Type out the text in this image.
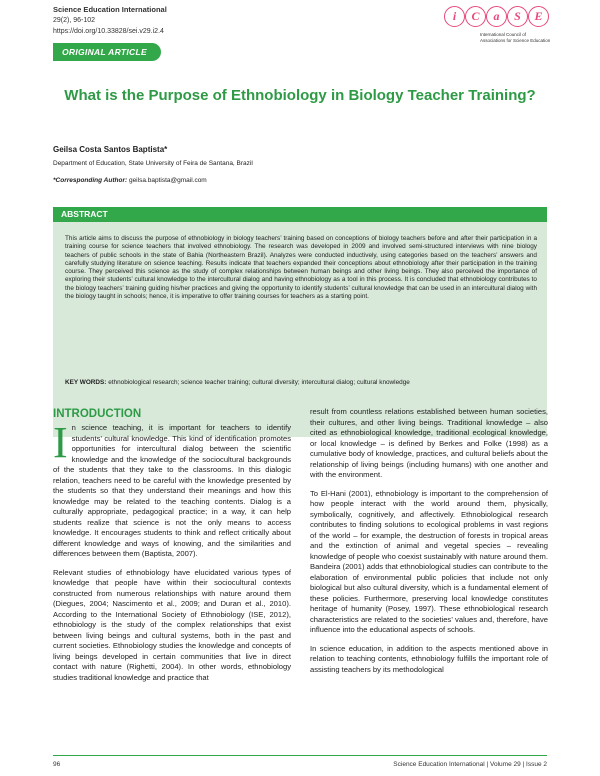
Science Education International
29(2), 96-102
https://doi.org/10.33828/sei.v29.i2.4
i	C	a	S	E
International Council of
Associations for Science Education
ORIGINAL ARTICLE
What is the Purpose of Ethnobiology in Biology Teacher Training?
Geilsa Costa Santos Baptista*
Department of Education, State University of Feira de Santana, Brazil
*Corresponding Author: geilsa.baptista@gmail.com
ABSTRACT

This article aims to discuss the purpose of ethnobiology in biology teachers’ training based on conceptions of biology teachers before and after their participation in a training course for science teachers that involved ethnobiology. The research was developed in 2009 and involved semi-structured interviews with nine biology teachers of public schools in the state of Bahia (Northeastern Brazil). Analyzes were conducted inductively, using categories based on the teachers’ answers and carefully studying literature on science teaching. Results indicate that teachers expanded their conceptions about ethnobiology after their participation in the training course. They perceived this science as the study of complex relationships between human beings and other living beings. They also perceived the importance of exploring their students’ cultural knowledge to the intercultural dialog and having ethnobiology as a tool in this process. It is concluded that ethnobiology contributes to the biology teachers’ training guiding his/her practices and giving the opportunity to identify students’ cultural knowledge that can be used in an intercultural dialog with the biology taught in schools; hence, it is imperative to offer training courses for teachers as a starting point.

KEY WORDS: ethnobiological research; science teacher training; cultural diversity; intercultural dialog; cultural knowledge
INTRODUCTION

In science teaching, it is important for teachers to identify students’ cultural knowledge. This kind of identification promotes opportunities for intercultural dialog between the scientific knowledge and the knowledge of the sociocultural backgrounds of the students that they take to the classrooms. In this dialogic relation, teachers need to be careful with the knowledge presented by the students so that they understand their meanings and how this knowledge may be related to the teaching contents. Dialog is a culturally appropriate, pedagogical practice; in a way, it can help students realize that science is not the only means to access knowledge. It encourages students to think and reflect critically about different knowledge and ways of knowing, and the similarities and differences between them (Baptista, 2007).

Relevant studies of ethnobiology have elucidated various types of knowledge that people have within their sociocultural contexts constructed from numerous relationships with nature around them (Diegues, 2004; Nascimento et al., 2009; and Duran et al., 2010). According to the International Society of Ethnobiology (ISE, 2012), ethnobiology is the study of the complex relationships that exist between living beings and cultural systems, both in the past and current societies. Ethnobiology studies the knowledge and concepts of living beings developed in certain communities that live in direct contact with nature (Righetti, 2004). In other words, ethnobiology studies traditional knowledge and practice that

result from countless relations established between human societies, their cultures, and other living beings. Traditional knowledge – also cited as ethnobiological knowledge, traditional ecological knowledge, or local knowledge – is defined by Berkes and Folke (1998) as a cumulative body of knowledge, practices, and cultural beliefs about the relationship of living beings (including humans) with one another and with the environment.

To El-Hani (2001), ethnobiology is important to the comprehension of how people interact with the world around them, physically, symbolically, cognitively, and affectively. Ethnobiological research contributes to finding solutions to ecological problems in vast regions of the world – for example, the destruction of forests in tropical areas and the extinction of animal and vegetal species – revealing knowledge of people who coexist sustainably with nature around them. Bandeira (2001) adds that ethnobiological studies can contribute to the elaboration of environmental public policies that include not only biological but also cultural diversity, which is a fundamental element of these policies. Furthermore, preserving local knowledge constitutes heritage of humanity (Posey, 1997). These ethnobiological research characteristics are related to the societies’ values and, therefore, have influence into the educational aspects of schools.

In science education, in addition to the aspects mentioned above in relation to teaching contents, ethnobiology fulfills the important role of assisting teachers by its methodological

96	Science Education International | Volume 29 | Issue 2
